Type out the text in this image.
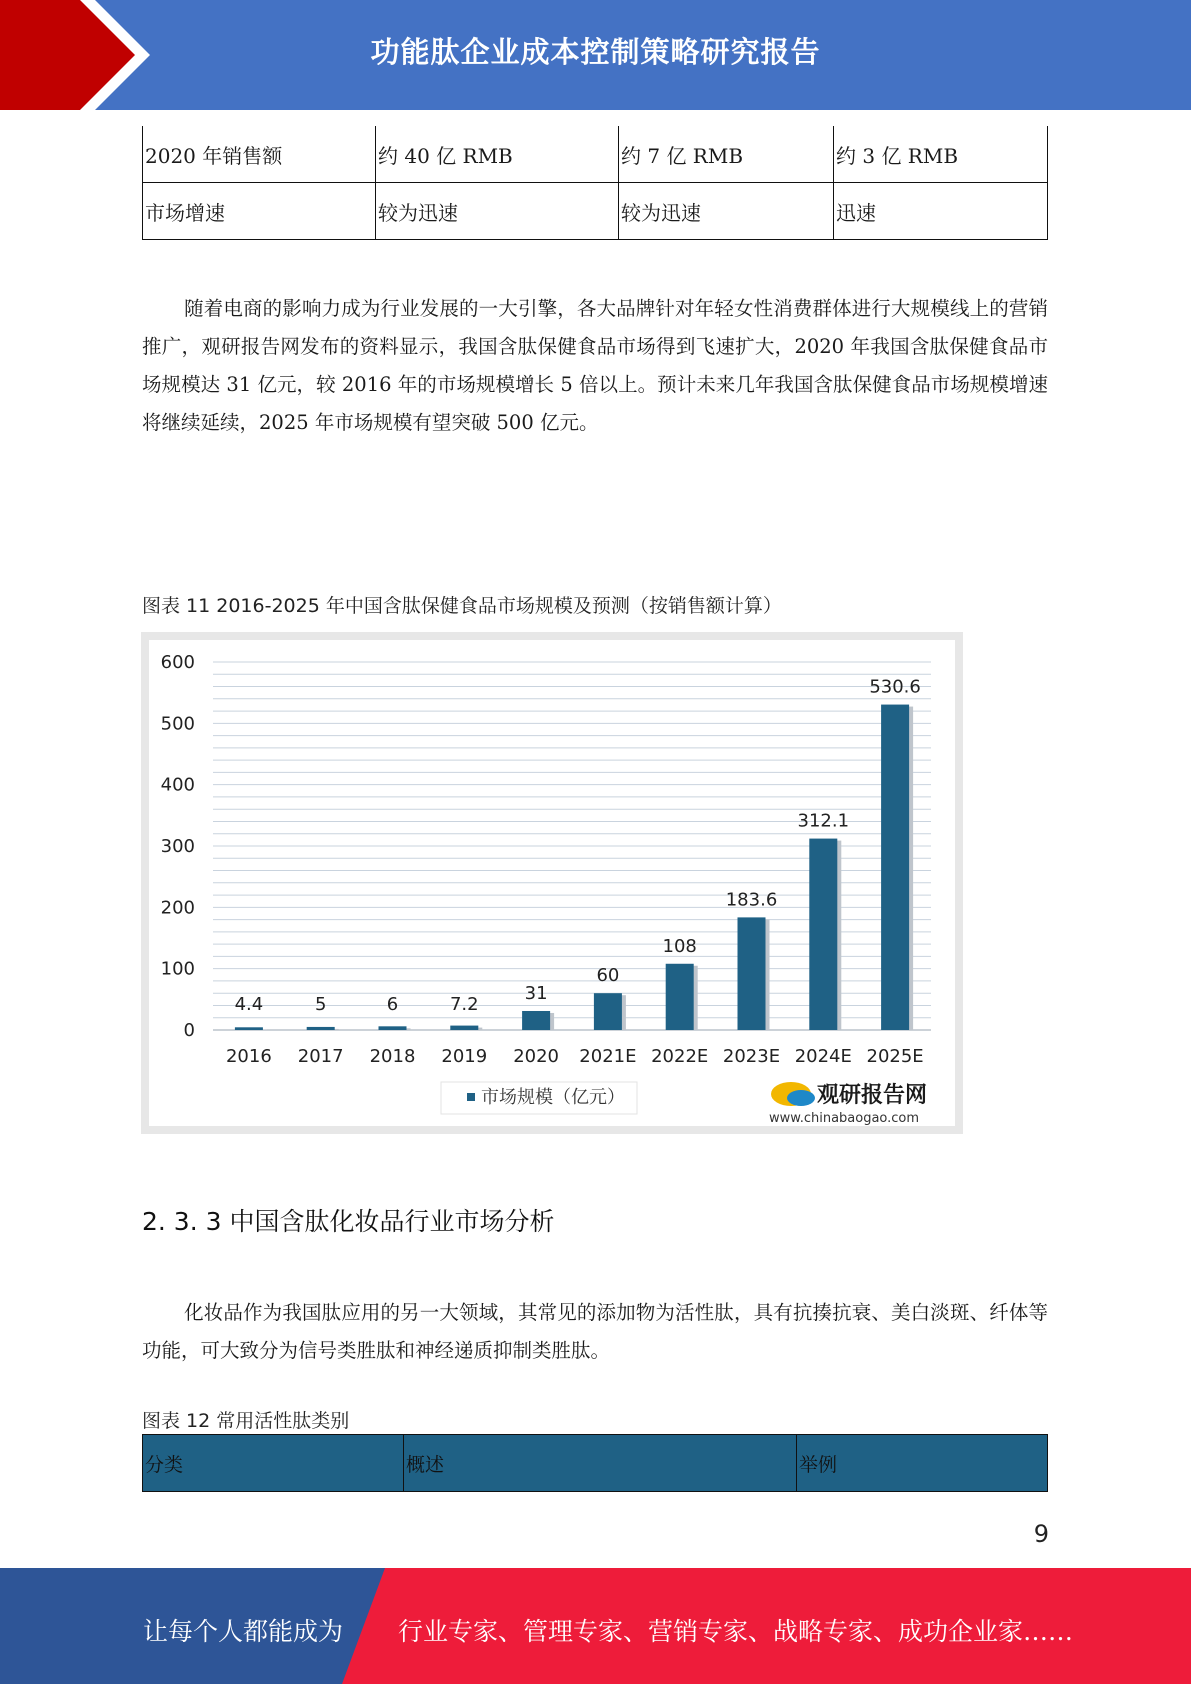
功能肽企业成本控制策略研究报告
2020 年销售额	约 40 亿 RMB	约 7 亿 RMB	约 3 亿 RMB
市场增速	较为迅速	较为迅速	迅速
随着电商的影响力成为行业发展的一大引擎，各大品牌针对年轻女性消费群体进行大规模线上的营销推广，观研报告网发布的资料显示，我国含肽保健食品市场得到飞速扩大，2020 年我国含肽保健食品市场规模达 31 亿元，较 2016 年的市场规模增长 5 倍以上。预计未来几年我国含肽保健食品市场规模增速将继续延续，2025 年市场规模有望突破 500 亿元。
图表 11 2016-2025 年中国含肽保健食品市场规模及预测（按销售额计算）
0
100
200
300
400
500
600
4.4
2016
5
2017
6
2018
7.2
2019
31
2020
60
2021E
108
2022E
183.6
2023E
312.1
2024E
530.6
2025E
市场规模（亿元）	观研报告网
www.chinabaogao.com
2. 3. 3 中国含肽化妆品行业市场分析
化妆品作为我国肽应用的另一大领域，其常见的添加物为活性肽，具有抗揍抗衰、美白淡斑、纤体等功能，可大致分为信号类胜肽和神经递质抑制类胜肽。
图表 12 常用活性肽类别
分类	概述	举例
9
让每个人都能成为 行业专家、管理专家、营销专家、战略专家、成功企业家……
